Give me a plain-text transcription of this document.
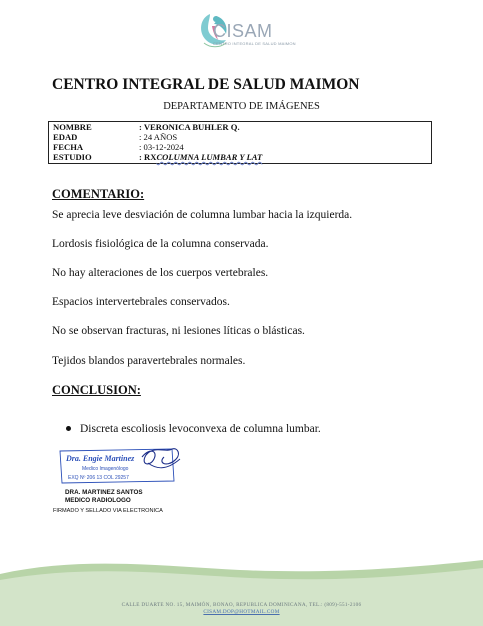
CISAM
CENTRO INTEGRAL DE SALUD MAIMON
CENTRO INTEGRAL DE SALUD MAIMON
DEPARTAMENTO DE IMÁGENES
NOMBRE	: VERONICA BUHLER Q.
EDAD	: 24 AÑOS
FECHA	: 03-12-2024
ESTUDIO	: RXCOLUMNA LUMBAR Y LAT
COMENTARIO:
Se aprecia leve desviación de columna lumbar hacia la izquierda.
Lordosis fisiológica de la columna conservada.
No hay alteraciones de los cuerpos vertebrales.
Espacios intervertebrales conservados.
No se observan fracturas, ni lesiones líticas o blásticas.
Tejidos blandos paravertebrales normales.
CONCLUSION:
Discreta escoliosis levoconvexa de columna lumbar.
Dra. Engie Martinez
Medico Imagenólogo
EXQ Nº 206 13 COL 29257
DRA. MARTINEZ SANTOS
MEDICO RADIOLOGO
FIRMADO Y SELLADO VIA ELECTRONICA
CALLE DUARTE NO. 15, MAIMÓN, BONAO, REPUBLICA DOMINICANA, TEL.: (809)-551-2106
CISAM.DOP@HOTMAIL.COM
